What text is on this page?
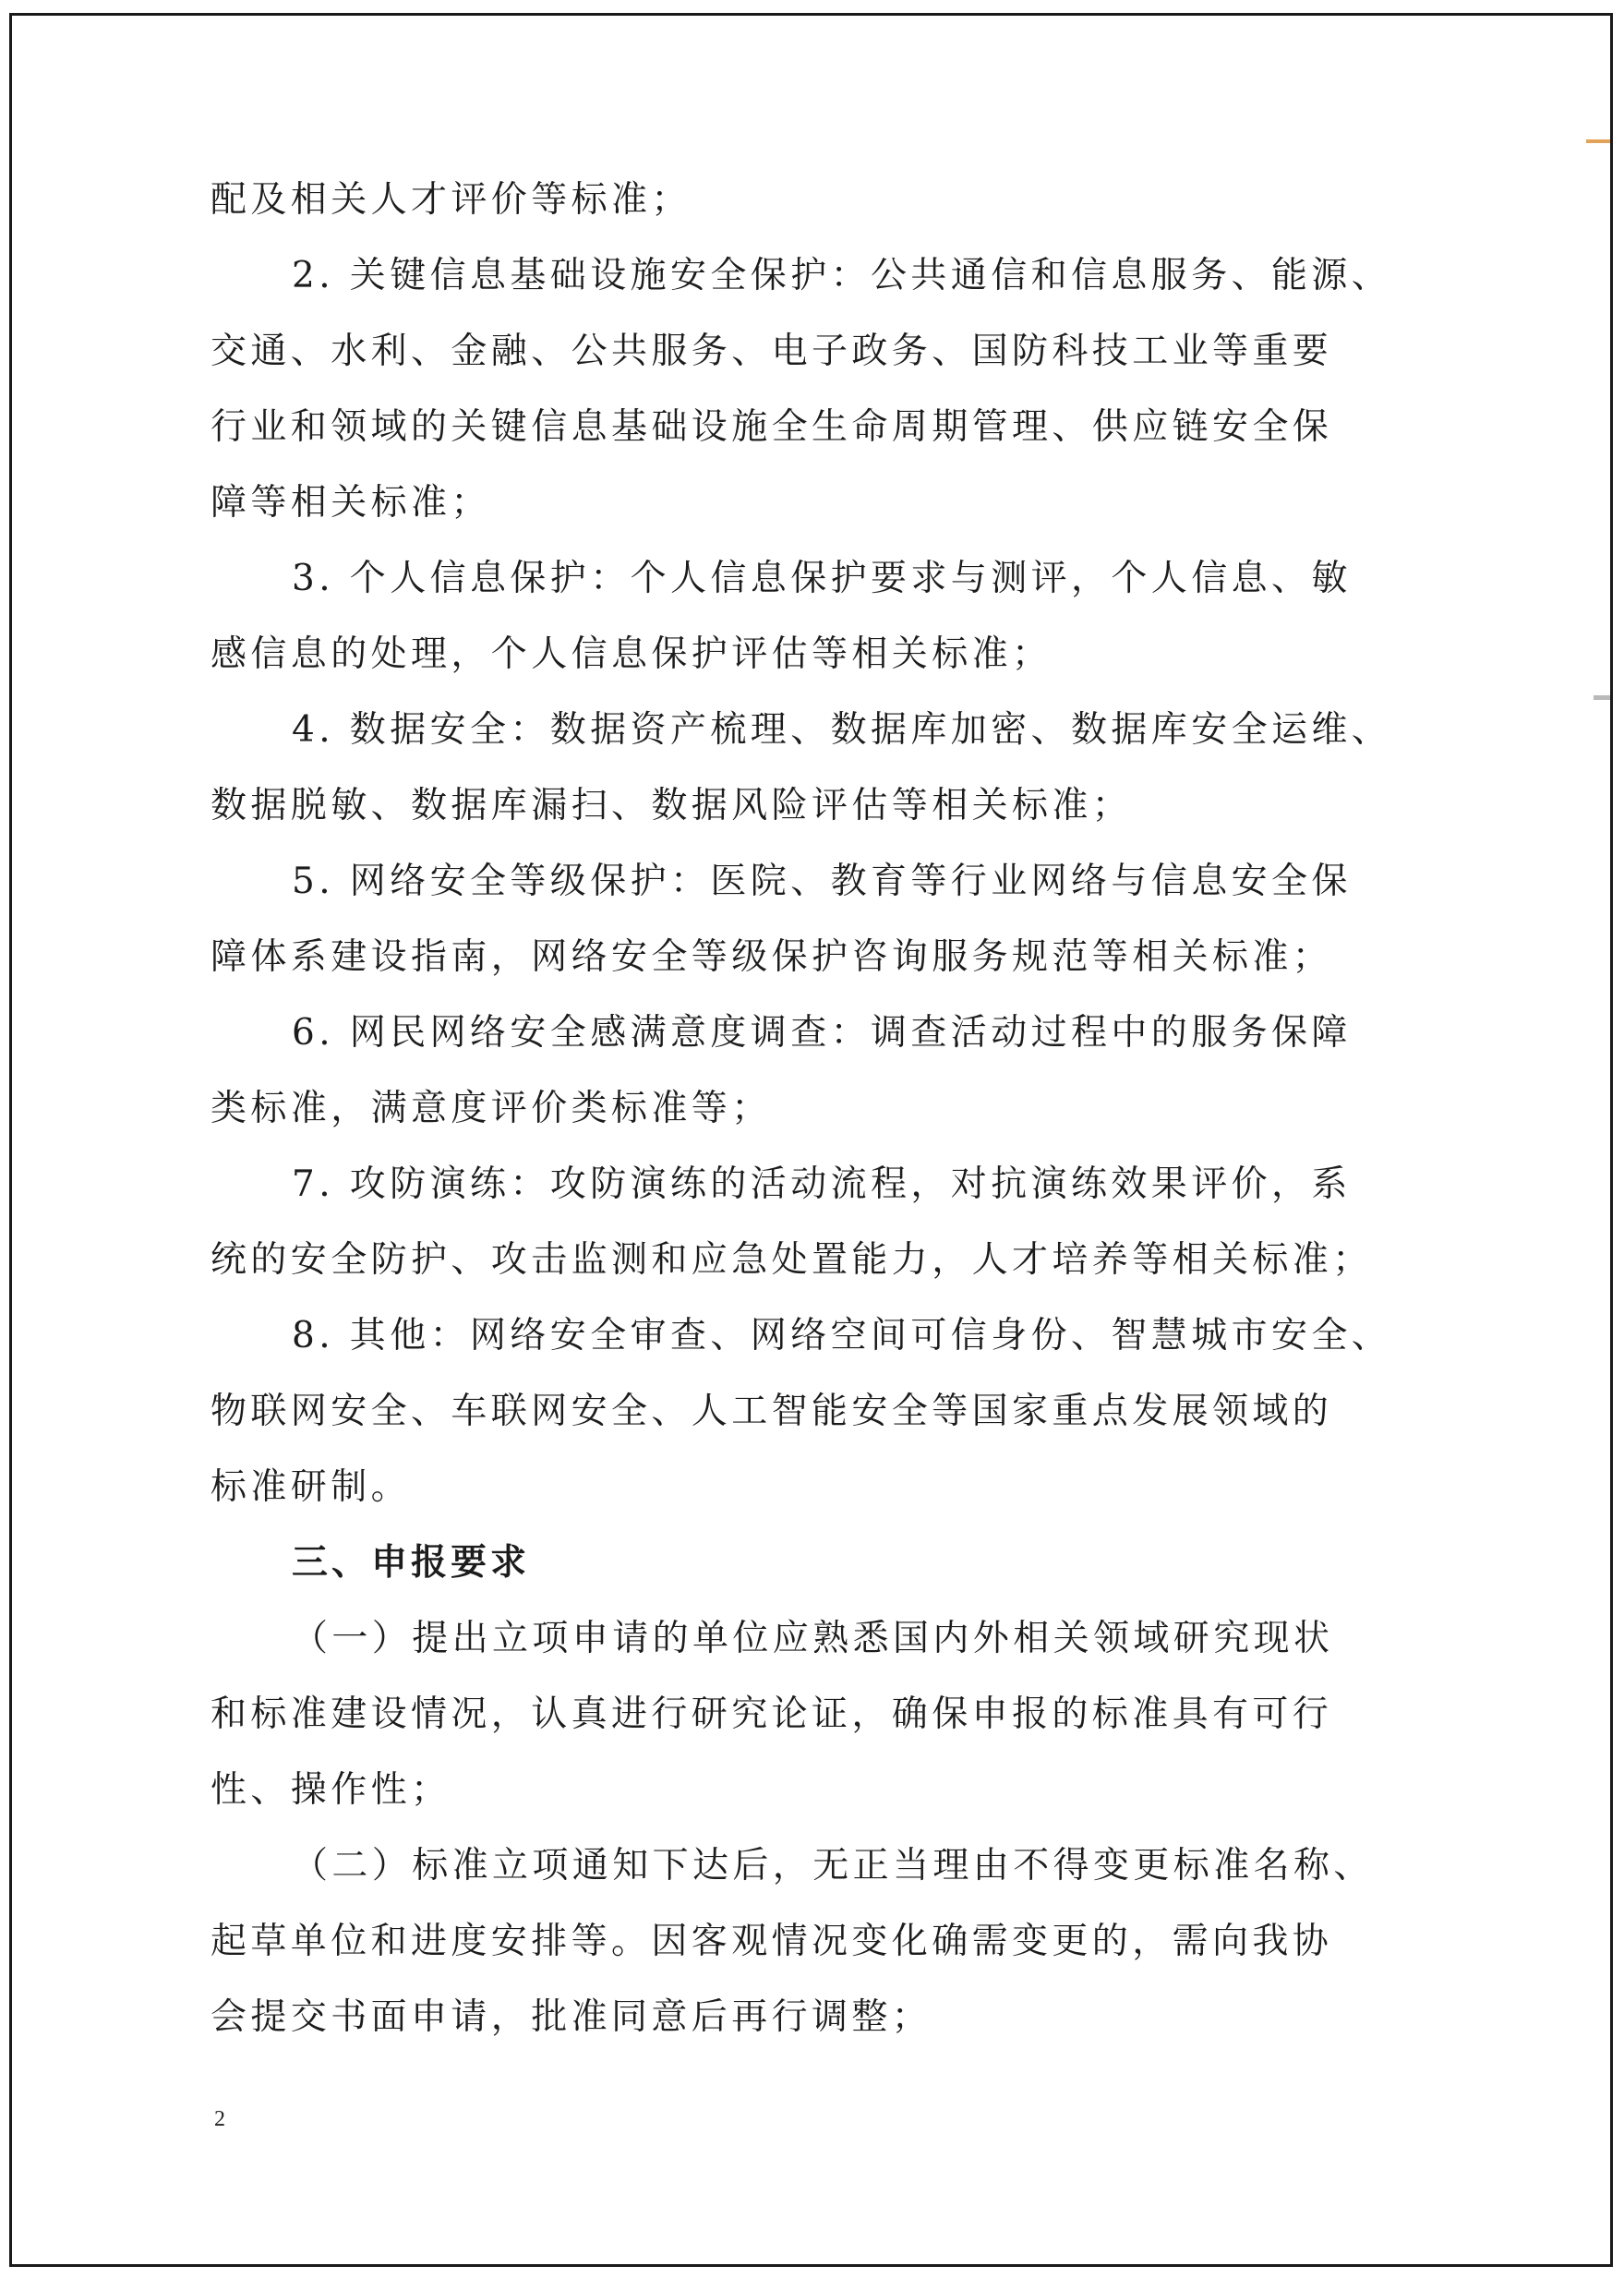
配及相关人才评价等标准；
2. 关键信息基础设施安全保护：公共通信和信息服务、能源、
交通、水利、金融、公共服务、电子政务、国防科技工业等重要
行业和领域的关键信息基础设施全生命周期管理、供应链安全保
障等相关标准；
3. 个人信息保护：个人信息保护要求与测评，个人信息、敏
感信息的处理，个人信息保护评估等相关标准；
4. 数据安全：数据资产梳理、数据库加密、数据库安全运维、
数据脱敏、数据库漏扫、数据风险评估等相关标准；
5. 网络安全等级保护：医院、教育等行业网络与信息安全保
障体系建设指南，网络安全等级保护咨询服务规范等相关标准；
6. 网民网络安全感满意度调查：调查活动过程中的服务保障
类标准，满意度评价类标准等；
7. 攻防演练：攻防演练的活动流程，对抗演练效果评价，系
统的安全防护、攻击监测和应急处置能力，人才培养等相关标准；
8. 其他：网络安全审查、网络空间可信身份、智慧城市安全、
物联网安全、车联网安全、人工智能安全等国家重点发展领域的
标准研制。
三、申报要求
（一）提出立项申请的单位应熟悉国内外相关领域研究现状
和标准建设情况，认真进行研究论证，确保申报的标准具有可行
性、操作性；
（二）标准立项通知下达后，无正当理由不得变更标准名称、
起草单位和进度安排等。因客观情况变化确需变更的，需向我协
会提交书面申请，批准同意后再行调整；
2
